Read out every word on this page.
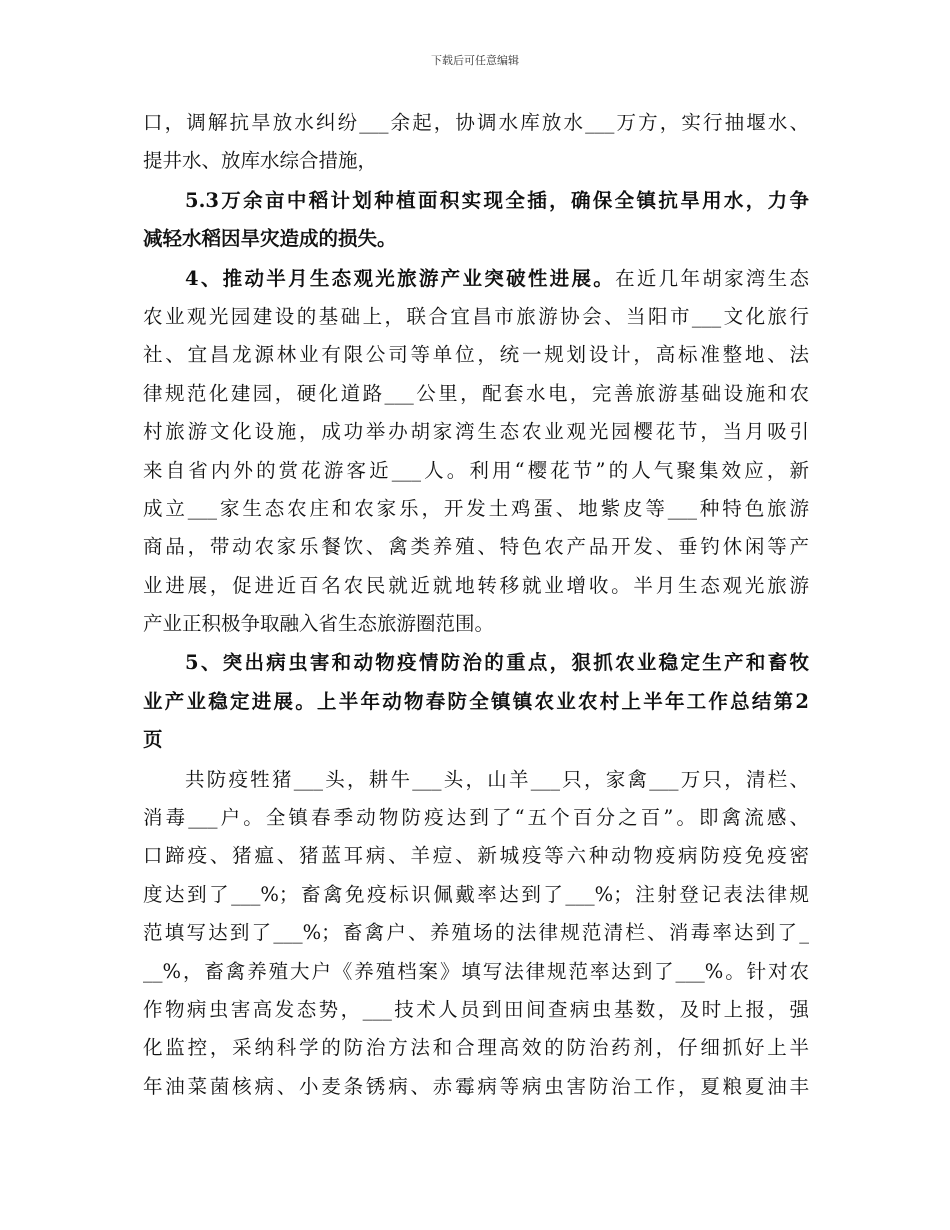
下载后可任意编辑
口，调解抗旱放水纠纷___余起，协调水库放水___万方，实行抽堰水、
提井水、放库水综合措施，
5.3万余亩中稻计划种植面积实现全插，确保全镇抗旱用水，力争
减轻水稻因旱灾造成的损失。
4、推动半月生态观光旅游产业突破性进展。在近几年胡家湾生态
农业观光园建设的基础上，联合宜昌市旅游协会、当阳市___文化旅行
社、宜昌龙源林业有限公司等单位，统一规划设计，高标准整地、法
律规范化建园，硬化道路___公里，配套水电，完善旅游基础设施和农
村旅游文化设施，成功举办胡家湾生态农业观光园樱花节，当月吸引
来自省内外的赏花游客近___人。利用“樱花节”的人气聚集效应，新
成立___家生态农庄和农家乐，开发土鸡蛋、地紫皮等___种特色旅游
商品，带动农家乐餐饮、禽类养殖、特色农产品开发、垂钓休闲等产
业进展，促进近百名农民就近就地转移就业增收。半月生态观光旅游
产业正积极争取融入省生态旅游圈范围。
5、突出病虫害和动物疫情防治的重点，狠抓农业稳定生产和畜牧
业产业稳定进展。上半年动物春防全镇镇农业农村上半年工作总结第2
页
共防疫牲猪___头，耕牛___头，山羊___只，家禽___万只，清栏、
消毒___户。全镇春季动物防疫达到了“五个百分之百”。即禽流感、
口蹄疫、猪瘟、猪蓝耳病、羊痘、新城疫等六种动物疫病防疫免疫密
度达到了___%；畜禽免疫标识佩戴率达到了___%；注射登记表法律规
范填写达到了___%；畜禽户、养殖场的法律规范清栏、消毒率达到了_
__%，畜禽养殖大户《养殖档案》填写法律规范率达到了___%。针对农
作物病虫害高发态势，___技术人员到田间查病虫基数，及时上报，强
化监控，采纳科学的防治方法和合理高效的防治药剂，仔细抓好上半
年油菜菌核病、小麦条锈病、赤霉病等病虫害防治工作，夏粮夏油丰
